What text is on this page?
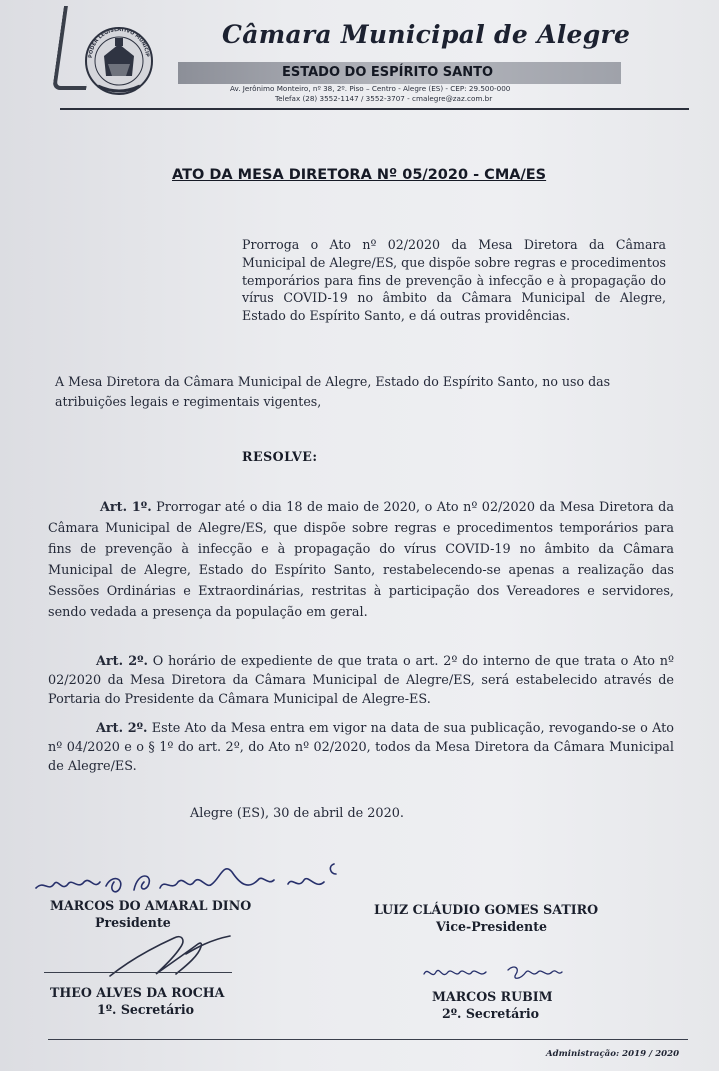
PODER LEGISLATIVO MUNICIP
Câmara Municipal de Alegre
ESTADO DO ESPÍRITO SANTO
Av. Jerônimo Monteiro, nº 38, 2º. Piso – Centro - Alegre (ES) - CEP: 29.500-000
Telefax (28) 3552-1147 / 3552-3707 - cmalegre@zaz.com.br
ATO DA MESA DIRETORA Nº 05/2020 - CMA/ES
Prorroga o Ato nº 02/2020 da Mesa Diretora da Câmara Municipal de Alegre/ES, que dispõe sobre regras e procedimentos temporários para fins de prevenção à infecção e à propagação do vírus COVID-19 no âmbito da Câmara Municipal de Alegre, Estado do Espírito Santo, e dá outras providências.
A Mesa Diretora da Câmara Municipal de Alegre, Estado do Espírito Santo, no uso das atribuições legais e regimentais vigentes,
RESOLVE:
Art. 1º. Prorrogar até o dia 18 de maio de 2020, o Ato nº 02/2020 da Mesa Diretora da Câmara Municipal de Alegre/ES, que dispõe sobre regras e procedimentos temporários para fins de prevenção à infecção e à propagação do vírus COVID-19 no âmbito da Câmara Municipal de Alegre, Estado do Espírito Santo, restabelecendo-se apenas a realização das Sessões Ordinárias e Extraordinárias, restritas à participação dos Vereadores e servidores, sendo vedada a presença da população em geral.
Art. 2º. O horário de expediente de que trata o art. 2º do interno de que trata o Ato nº 02/2020 da Mesa Diretora da Câmara Municipal de Alegre/ES, será estabelecido através de Portaria do Presidente da Câmara Municipal de Alegre-ES.
Art. 2º. Este Ato da Mesa entra em vigor na data de sua publicação, revogando-se o Ato nº 04/2020 e o § 1º do art. 2º, do Ato nº 02/2020, todos da Mesa Diretora da Câmara Municipal de Alegre/ES.
Alegre (ES), 30 de abril de 2020.
MARCOS DO AMARAL DINO
Presidente
LUIZ CLÁUDIO GOMES SATIRO
Vice-Presidente
THEO ALVES DA ROCHA
1º. Secretário
MARCOS RUBIM
2º. Secretário
Administração: 2019 / 2020
